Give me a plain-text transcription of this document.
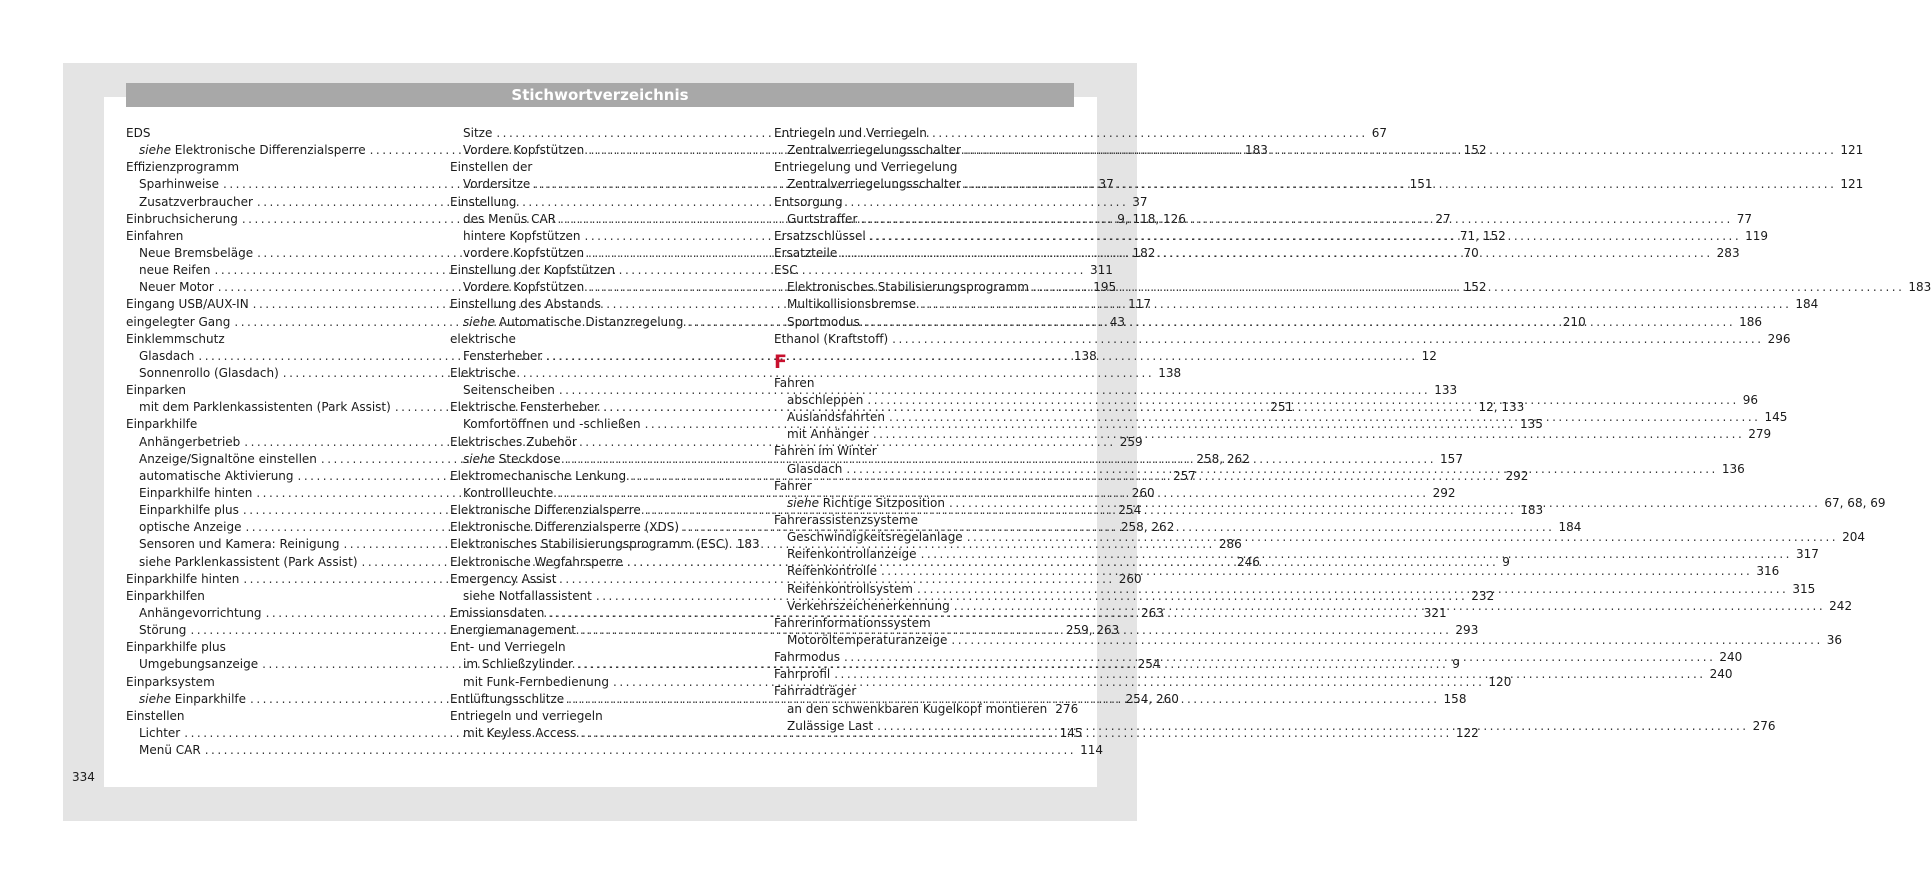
Stichwortverzeichnis
EDS
siehe Elektronische Differenzialsperre .....	183
Effizienzprogramm
Sparhinweise .....	37
Zusatzverbraucher .....	37
Einbruchsicherung .....	9, 118, 126
Einfahren
Neue Bremsbeläge .....	182
neue Reifen .....	311
Neuer Motor .....	195
Eingang USB/AUX-IN .....	117
eingelegter Gang .....	43
Einklemmschutz
Glasdach .....	138
Sonnenrollo (Glasdach) .....	138
Einparken
mit dem Parklenkassistenten (Park Assist) .....	251
Einparkhilfe
Anhängerbetrieb .....	259
Anzeige/Signaltöne einstellen .....	258, 262
automatische Aktivierung .....	257
Einparkhilfe hinten .....	260
Einparkhilfe plus .....	254
optische Anzeige .....	258, 262
Sensoren und Kamera: Reinigung .....	286
siehe Parklenkassistent (Park Assist) .....	246
Einparkhilfe hinten .....	260
Einparkhilfen
Anhängevorrichtung .....	263
Störung .....	259, 263
Einparkhilfe plus
Umgebungsanzeige .....	254
Einparksystem
siehe Einparkhilfe .....	254, 260
Einstellen
Lichter .....	145
Menü CAR .....	114
Sitze .....	67
Vordere Kopfstützen .....	152
Einstellen der
Vordersitze .....	151
Einstellung
des Menüs CAR .....	27
hintere Kopfstützen .....	71, 152
vordere Kopfstützen .....	70
Einstellung der Kopfstützen
Vordere Kopfstützen .....	152
Einstellung des Abstands
siehe Automatische Distanzregelung .....	210
elektrische
Fensterheber .....	12
Elektrische
Seitenscheiben .....	133
Elektrische Fensterheber .....	12, 133
Komfortöffnen und -schließen .....	135
Elektrisches Zubehör
siehe Steckdose .....	157
Elektromechanische Lenkung .....	292
Kontrollleuchte .....	292
Elektronische Differenzialsperre .....	183
Elektronische Differenzialsperre (XDS) .....	184
Elektronisches Stabilisierungsprogramm (ESC) 183
Elektronische Wegfahrsperre .....	9
Emergency Assist
siehe Notfallassistent .....	232
Emissionsdaten .....	321
Energiemanagement .....	293
Ent- und Verriegeln
im Schließzylinder .....	9
mit Funk-Fernbedienung .....	120
Entlüftungsschlitze .....	158
Entriegeln und verriegeln
mit Keyless Access .....	122
Entriegeln und Verriegeln
Zentralverriegelungsschalter .....	121
Entriegelung und Verriegelung
Zentralverriegelungsschalter .....	121
Entsorgung
Gurtstraffer .....	77
Ersatzschlüssel .....	119
Ersatzteile .....	283
ESC
Elektronisches Stabilisierungsprogramm .....	183
Multikollisionsbremse .....	184
Sportmodus .....	186
Ethanol (Kraftstoff) .....	296
F
Fahren
abschleppen .....	96
Auslandsfahrten .....	145
mit Anhänger .....	279
Fahren im Winter
Glasdach .....	136
Fahrer
siehe Richtige Sitzposition .....	67, 68, 69
Fahrerassistenzsysteme
Geschwindigkeitsregelanlage .....	204
Reifenkontrollanzeige .....	317
Reifenkontrolle .....	316
Reifenkontrollsystem .....	315
Verkehrszeichenerkennung .....	242
Fahrerinformationssystem
Motoröltemperaturanzeige .....	36
Fahrmodus .....	240
Fahrprofil .....	240
Fahrradträger
an den schwenkbaren Kugelkopf montieren 276
Zulässige Last .....	276
334
